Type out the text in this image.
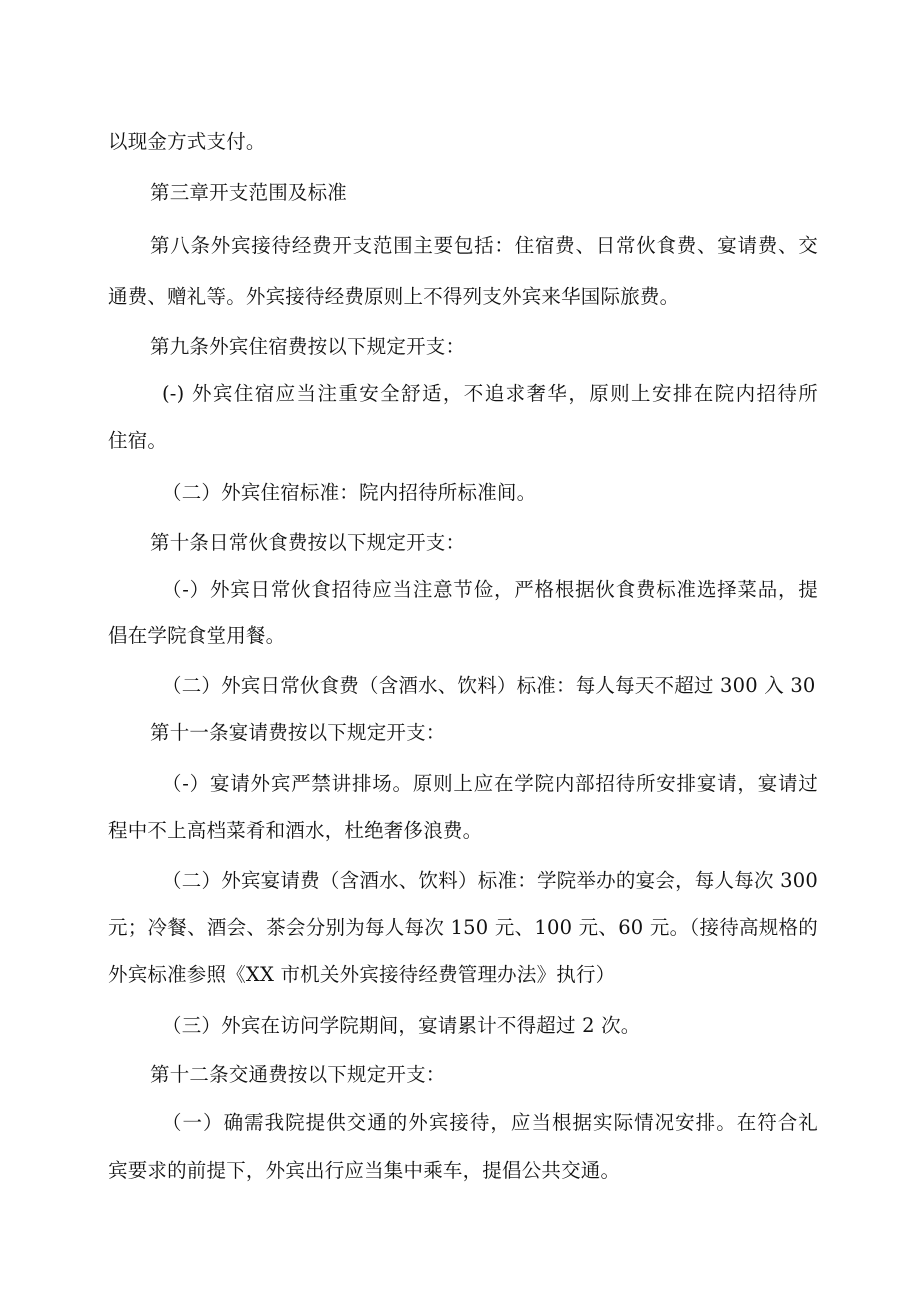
以现金方式支付。
第三章开支范围及标准
第八条外宾接待经费开支范围主要包括：住宿费、日常伙食费、宴请费、交
通费、赠礼等。外宾接待经费原则上不得列支外宾来华国际旅费。
第九条外宾住宿费按以下规定开支：
(-) 外宾住宿应当注重安全舒适，不追求奢华，原则上安排在院内招待所
住宿。
（二）外宾住宿标准：院内招待所标准间。
第十条日常伙食费按以下规定开支：
（-）外宾日常伙食招待应当注意节俭，严格根据伙食费标准选择菜品，提
倡在学院食堂用餐。
（二）外宾日常伙食费（含酒水、饮料）标准：每人每天不超过 300 入 30
第十一条宴请费按以下规定开支：
（-）宴请外宾严禁讲排场。原则上应在学院内部招待所安排宴请，宴请过
程中不上高档菜肴和酒水，杜绝奢侈浪费。
（二）外宾宴请费（含酒水、饮料）标准：学院举办的宴会，每人每次 300
元；冷餐、酒会、茶会分别为每人每次 150 元、100 元、60 元。（接待高规格的
外宾标准参照《XX 市机关外宾接待经费管理办法》执行）
（三）外宾在访问学院期间，宴请累计不得超过 2 次。
第十二条交通费按以下规定开支：
（一）确需我院提供交通的外宾接待，应当根据实际情况安排。在符合礼
宾要求的前提下，外宾出行应当集中乘车，提倡公共交通。
